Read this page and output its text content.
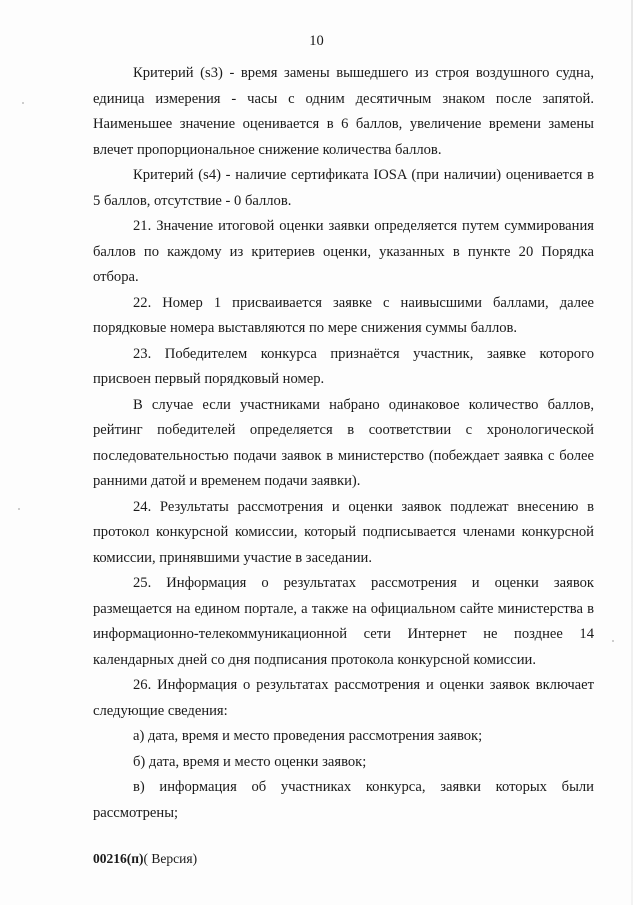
10

Критерий (s3) - время замены вышедшего из строя воздушного судна, единица измерения - часы с одним десятичным знаком после запятой. Наименьшее значение оценивается в 6 баллов, увеличение времени замены влечет пропорциональное снижение количества баллов.

Критерий (s4) - наличие сертификата IOSA (при наличии) оценивается в 5 баллов, отсутствие - 0 баллов.

21. Значение итоговой оценки заявки определяется путем суммирования баллов по каждому из критериев оценки, указанных в пункте 20 Порядка отбора.

22. Номер 1 присваивается заявке с наивысшими баллами, далее порядковые номера выставляются по мере снижения суммы баллов.

23. Победителем конкурса признаётся участник, заявке которого присвоен первый порядковый номер.

В случае если участниками набрано одинаковое количество баллов, рейтинг победителей определяется в соответствии с хронологической последовательностью подачи заявок в министерство (побеждает заявка с более ранними датой и временем подачи заявки).

24. Результаты рассмотрения и оценки заявок подлежат внесению в протокол конкурсной комиссии, который подписывается членами конкурсной комиссии, принявшими участие в заседании.

25. Информация о результатах рассмотрения и оценки заявок размещается на едином портале, а также на официальном сайте министерства в информационно-телекоммуникационной сети Интернет не позднее 14 календарных дней со дня подписания протокола конкурсной комиссии.

26. Информация о результатах рассмотрения и оценки заявок включает следующие сведения:

а) дата, время и место проведения рассмотрения заявок;

б) дата, время и место оценки заявок;

в) информация об участниках конкурса, заявки которых были рассмотрены;

00216(п)( Версия)
